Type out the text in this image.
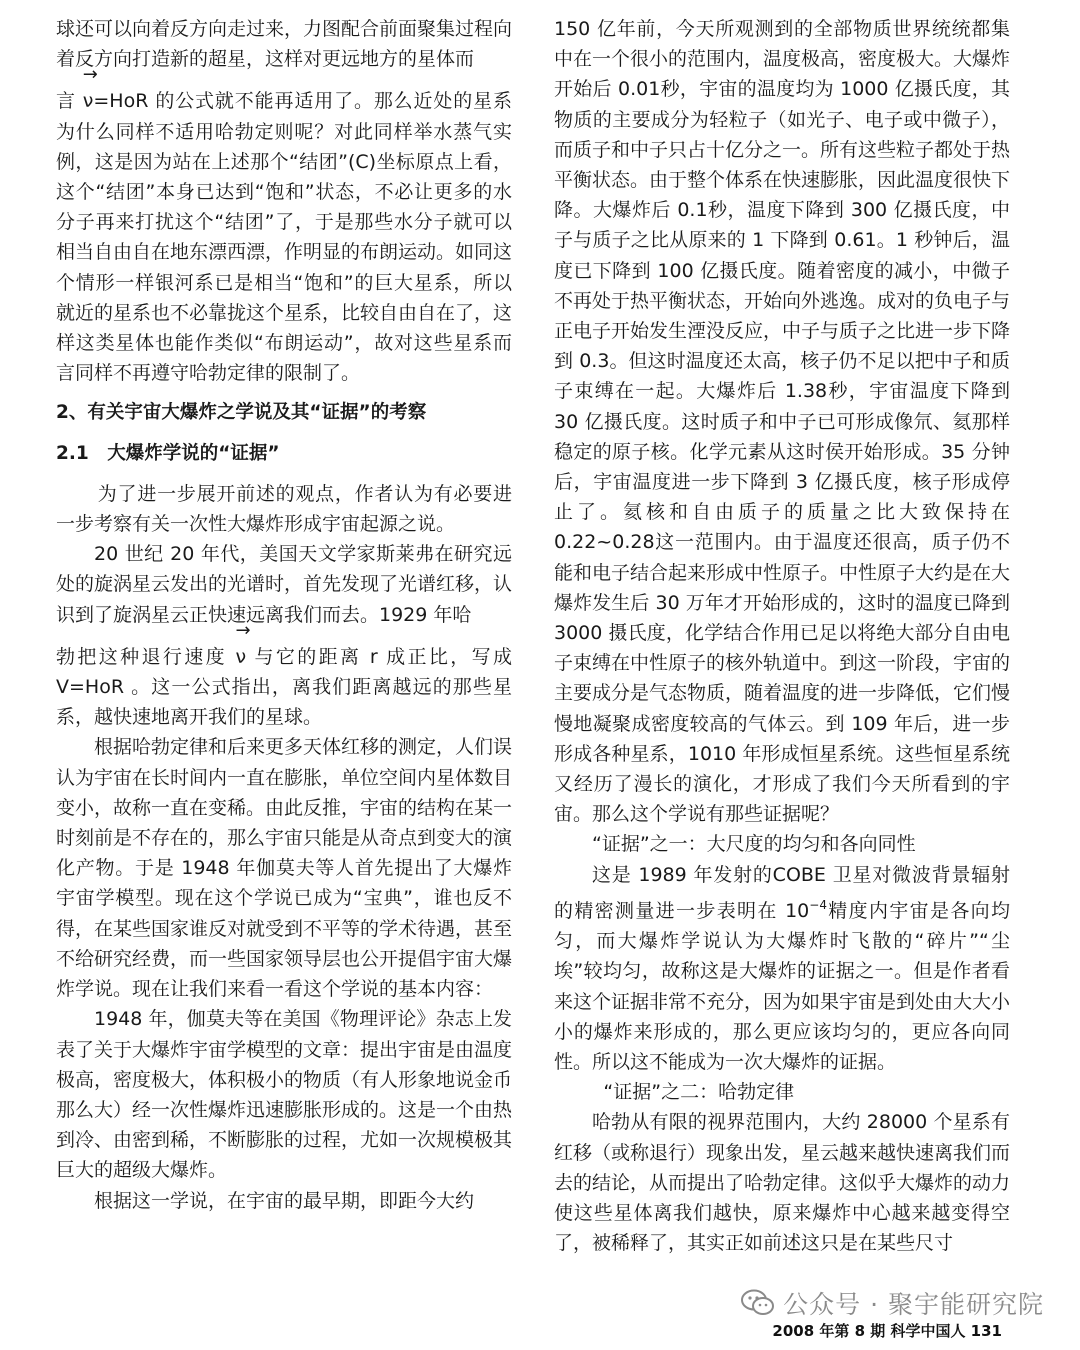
球还可以向着反方向走过来，力图配合前面聚集过程向着反方向打造新的超星，这样对更远地方的星体而

言 → ν=HoR 的公式就不能再适用了。那么近处的星系为什么同样不适用哈勃定则呢？对此同样举水蒸气实例，这是因为站在上述那个“结团”(C)坐标原点上看，这个“结团”本身已达到“饱和”状态，不必让更多的水分子再来打扰这个“结团”了，于是那些水分子就可以相当自由自在地东漂西漂，作明显的布朗运动。如同这个情形一样银河系已是相当“饱和”的巨大星系，所以就近的星系也不必靠拢这个星系，比较自由自在了，这样这类星体也能作类似“布朗运动”，故对这些星系而言同样不再遵守哈勃定律的限制了。

2、有关宇宙大爆炸之学说及其“证据”的考察

2.1　大爆炸学说的“证据”

为了进一步展开前述的观点，作者认为有必要进一步考察有关一次性大爆炸形成宇宙起源之说。

20 世纪 20 年代，美国天文学家斯莱弗在研究远处的旋涡星云发出的光谱时，首先发现了光谱红移，认识到了旋涡星云正快速远离我们而去。1929 年哈

勃把这种退行速度 → ν 与它的距离 r 成正比，写成 V=HoR 。这一公式指出，离我们距离越远的那些星系，越快速地离开我们的星球。

根据哈勃定律和后来更多天体红移的测定，人们误认为宇宙在长时间内一直在膨胀，单位空间内星体数目变小，故称一直在变稀。由此反推，宇宙的结构在某一时刻前是不存在的，那么宇宙只能是从奇点到变大的演化产物。于是 1948 年伽莫夫等人首先提出了大爆炸宇宙学模型。现在这个学说已成为“宝典”，谁也反不得，在某些国家谁反对就受到不平等的学术待遇，甚至不给研究经费，而一些国家领导层也公开提倡宇宙大爆炸学说。现在让我们来看一看这个学说的基本内容：

1948 年，伽莫夫等在美国《物理评论》杂志上发表了关于大爆炸宇宙学模型的文章：提出宇宙是由温度极高，密度极大，体积极小的物质（有人形象地说金币那么大）经一次性爆炸迅速膨胀形成的。这是一个由热到冷、由密到稀，不断膨胀的过程，尤如一次规模极其巨大的超级大爆炸。

根据这一学说，在宇宙的最早期，即距今大约

150 亿年前，今天所观测到的全部物质世界统统都集中在一个很小的范围内，温度极高，密度极大。大爆炸开始后 0.01秒，宇宙的温度均为 1000 亿摄氏度，其物质的主要成分为轻粒子（如光子、电子或中微子），而质子和中子只占十亿分之一。所有这些粒子都处于热平衡状态。由于整个体系在快速膨胀，因此温度很快下降。大爆炸后 0.1秒，温度下降到 300 亿摄氏度，中子与质子之比从原来的 1 下降到 0.61。1 秒钟后，温度已下降到 100 亿摄氏度。随着密度的减小，中微子不再处于热平衡状态，开始向外逃逸。成对的负电子与正电子开始发生湮没反应，中子与质子之比进一步下降到 0.3。但这时温度还太高，核子仍不足以把中子和质子束缚在一起。大爆炸后 1.38秒，宇宙温度下降到 30 亿摄氏度。这时质子和中子已可形成像氘、氦那样稳定的原子核。化学元素从这时侯开始形成。35 分钟后，宇宙温度进一步下降到 3 亿摄氏度，核子形成停止了。氦核和自由质子的质量之比大致保持在 0.22~0.28这一范围内。由于温度还很高，质子仍不能和电子结合起来形成中性原子。中性原子大约是在大爆炸发生后 30 万年才开始形成的，这时的温度已降到 3000 摄氏度，化学结合作用已足以将绝大部分自由电子束缚在中性原子的核外轨道中。到这一阶段，宇宙的主要成分是气态物质，随着温度的进一步降低，它们慢慢地凝聚成密度较高的气体云。到 109 年后，进一步形成各种星系，1010 年形成恒星系统。这些恒星系统又经历了漫长的演化，才形成了我们今天所看到的宇宙。那么这个学说有那些证据呢？

“证据”之一：大尺度的均匀和各向同性

这是 1989 年发射的COBE 卫星对微波背景辐射的精密测量进一步表明在 $10^{-4}$精度内宇宙是各向均匀，而大爆炸学说认为大爆炸时飞散的“碎片”“尘埃”较均匀，故称这是大爆炸的证据之一。但是作者看来这个证据非常不充分，因为如果宇宙是到处由大大小小的爆炸来形成的，那么更应该均匀的，更应各向同性。所以这不能成为一次大爆炸的证据。

“证据”之二：哈勃定律

哈勃从有限的视界范围内，大约 28000 个星系有红移（或称退行）现象出发，星云越来越快速离我们而去的结论，从而提出了哈勃定律。这似乎大爆炸的动力使这些星体离我们越快，原来爆炸中心越来越变得空了，被稀释了，其实正如前述这只是在某些尺寸

公众号 · 聚宇能研究院
2008 年第 8 期 科学中国人 131
